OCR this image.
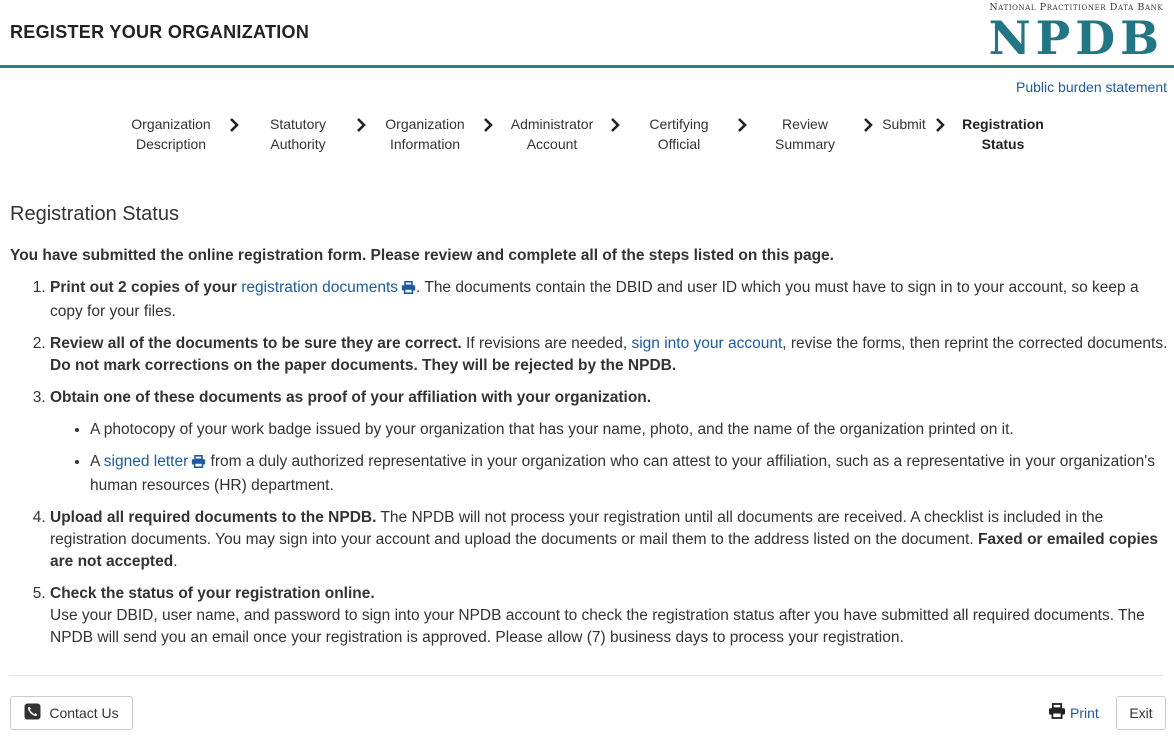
REGISTER YOUR ORGANIZATION
National Practitioner Data Bank
NPDB
Public burden statement
Organization
Description
Statutory
Authority
Organization
Information
Administrator
Account
Certifying
Official
Review
Summary
Submit	Registration
Status
Registration Status

You have submitted the online registration form. Please review and complete all of the steps listed on this page.

1. Print out 2 copies of your registration documents . The documents contain the DBID and user ID which you must have to sign in to your account, so keep a copy for your files.
2. Review all of the documents to be sure they are correct. If revisions are needed, sign into your account, revise the forms, then reprint the corrected documents. Do not mark corrections on the paper documents. They will be rejected by the NPDB.
3. Obtain one of these documents as proof of your affiliation with your organization.
• A photocopy of your work badge issued by your organization that has your name, photo, and the name of the organization printed on it.
• A signed letter from a duly authorized representative in your organization who can attest to your affiliation, such as a representative in your organization's human resources (HR) department.
4. Upload all required documents to the NPDB. The NPDB will not process your registration until all documents are received. A checklist is included in the registration documents. You may sign into your account and upload the documents or mail them to the address listed on the document. Faxed or emailed copies are not accepted.
5. Check the status of your registration online.
Use your DBID, user name, and password to sign into your NPDB account to check the registration status after you have submitted all required documents. The NPDB will send you an email once your registration is approved. Please allow (7) business days to process your registration.
Contact Us	Print Exit
